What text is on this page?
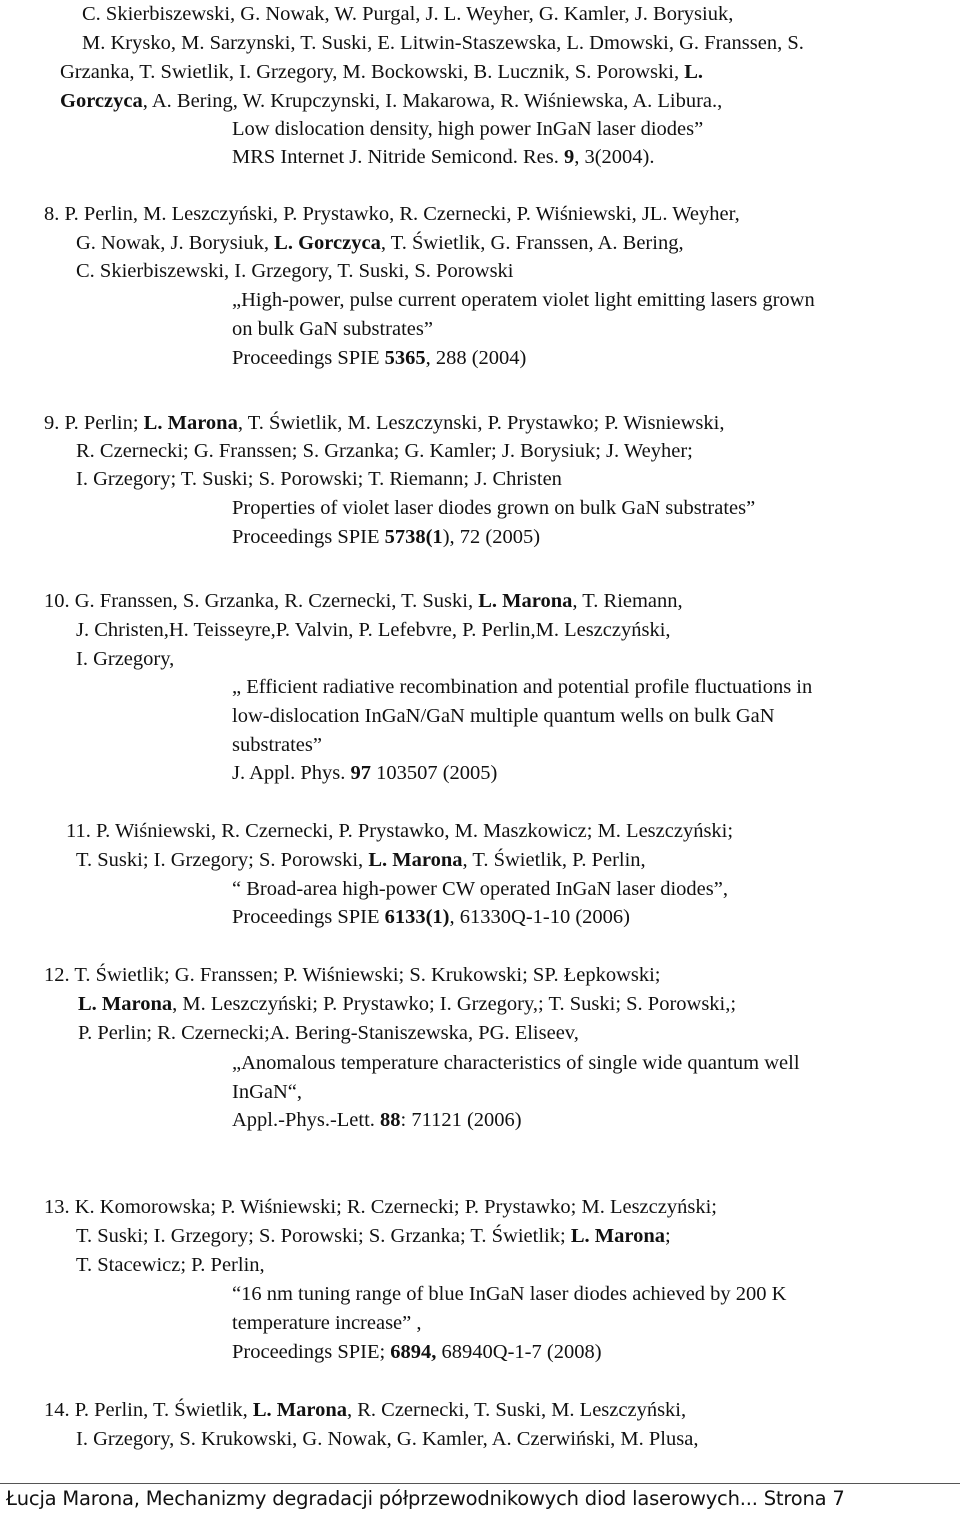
C. Skierbiszewski, G. Nowak, W. Purgal, J. L. Weyher, G. Kamler, J. Borysiuk,
M. Krysko, M. Sarzynski, T. Suski, E. Litwin-Staszewska, L. Dmowski, G. Franssen, S.
Grzanka, T. Swietlik, I. Grzegory, M. Bockowski, B. Lucznik, S. Porowski, L.
Gorczyca, A. Bering, W. Krupczynski, I. Makarowa, R. Wiśniewska, A. Libura.,
Low dislocation density, high power InGaN laser diodes”
MRS Internet J. Nitride Semicond. Res. 9, 3(2004).
8. P. Perlin, M. Leszczyński, P. Prystawko, R. Czernecki, P. Wiśniewski, JL. Weyher,
G. Nowak, J. Borysiuk, L. Gorczyca, T. Świetlik, G. Franssen, A. Bering,
C. Skierbiszewski, I. Grzegory, T. Suski, S. Porowski
„High-power, pulse current operatem violet light emitting lasers grown
on bulk GaN substrates”
Proceedings SPIE 5365, 288 (2004)
9. P. Perlin; L. Marona, T. Świetlik, M. Leszczynski, P. Prystawko; P. Wisniewski,
R. Czernecki; G. Franssen; S. Grzanka; G. Kamler; J. Borysiuk; J. Weyher;
I. Grzegory; T. Suski; S. Porowski; T. Riemann; J. Christen
Properties of violet laser diodes grown on bulk GaN substrates”
Proceedings SPIE 5738(1), 72 (2005)
10. G. Franssen, S. Grzanka, R. Czernecki, T. Suski, L. Marona, T. Riemann,
J. Christen,H. Teisseyre,P. Valvin, P. Lefebvre, P. Perlin,M. Leszczyński,
I. Grzegory,
„ Efficient radiative recombination and potential profile fluctuations in
low-dislocation InGaN/GaN multiple quantum wells on bulk GaN
substrates”
J. Appl. Phys. 97 103507 (2005)
11. P. Wiśniewski, R. Czernecki, P. Prystawko, M. Maszkowicz; M. Leszczyński;
T. Suski; I. Grzegory; S. Porowski, L. Marona, T. Świetlik, P. Perlin,
“ Broad-area high-power CW operated InGaN laser diodes”,
Proceedings SPIE 6133(1), 61330Q-1-10 (2006)
12. T. Świetlik; G. Franssen; P. Wiśniewski; S. Krukowski; SP. Łepkowski;
L. Marona, M. Leszczyński; P. Prystawko; I. Grzegory,; T. Suski; S. Porowski,;
P. Perlin; R. Czernecki;A. Bering-Staniszewska, PG. Eliseev,
„Anomalous temperature characteristics of single wide quantum well
InGaN“,
Appl.-Phys.-Lett. 88: 71121 (2006)
13. K. Komorowska; P. Wiśniewski; R. Czernecki; P. Prystawko; M. Leszczyński;
T. Suski; I. Grzegory; S. Porowski; S. Grzanka; T. Świetlik; L. Marona;
T. Stacewicz; P. Perlin,
“16 nm tuning range of blue InGaN laser diodes achieved by 200 K
temperature increase” ,
Proceedings SPIE; 6894, 68940Q-1-7 (2008)
14. P. Perlin, T. Świetlik, L. Marona, R. Czernecki, T. Suski, M. Leszczyński,
I. Grzegory, S. Krukowski, G. Nowak, G. Kamler, A. Czerwiński, M. Plusa,
Łucja Marona, Mechanizmy degradacji półprzewodnikowych diod laserowych... Strona 7
